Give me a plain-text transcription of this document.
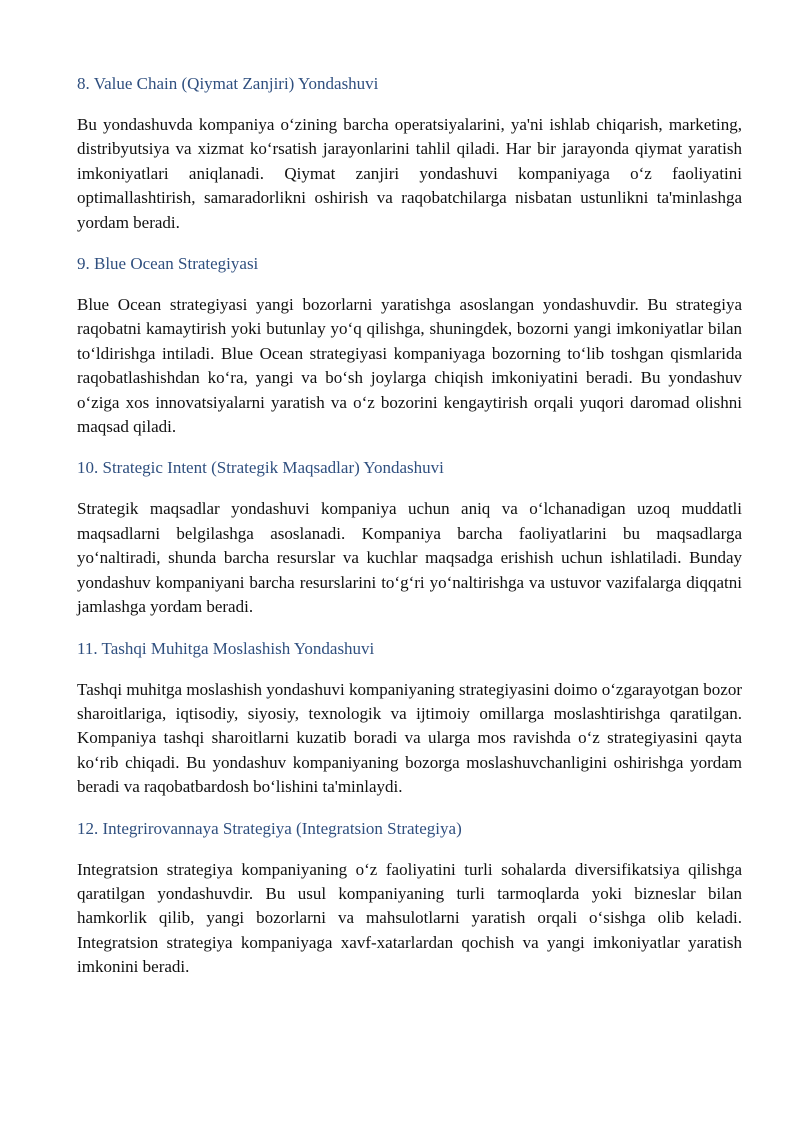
8. Value Chain (Qiymat Zanjiri) Yondashuvi

Bu yondashuvda kompaniya o‘zining barcha operatsiyalarini, ya'ni ishlab chiqarish, marketing, distribyutsiya va xizmat ko‘rsatish jarayonlarini tahlil qiladi. Har bir jarayonda qiymat yaratish imkoniyatlari aniqlanadi. Qiymat zanjiri yondashuvi kompaniyaga o‘z faoliyatini optimallashtirish, samaradorlikni oshirish va raqobatchilarga nisbatan ustunlikni ta'minlashga yordam beradi.

9. Blue Ocean Strategiyasi

Blue Ocean strategiyasi yangi bozorlarni yaratishga asoslangan yondashuvdir. Bu strategiya raqobatni kamaytirish yoki butunlay yo‘q qilishga, shuningdek, bozorni yangi imkoniyatlar bilan to‘ldirishga intiladi. Blue Ocean strategiyasi kompaniyaga bozorning to‘lib toshgan qismlarida raqobatlashishdan ko‘ra, yangi va bo‘sh joylarga chiqish imkoniyatini beradi. Bu yondashuv o‘ziga xos innovatsiyalarni yaratish va o‘z bozorini kengaytirish orqali yuqori daromad olishni maqsad qiladi.

10. Strategic Intent (Strategik Maqsadlar) Yondashuvi

Strategik maqsadlar yondashuvi kompaniya uchun aniq va o‘lchanadigan uzoq muddatli maqsadlarni belgilashga asoslanadi. Kompaniya barcha faoliyatlarini bu maqsadlarga yo‘naltiradi, shunda barcha resurslar va kuchlar maqsadga erishish uchun ishlatiladi. Bunday yondashuv kompaniyani barcha resurslarini to‘g‘ri yo‘naltirishga va ustuvor vazifalarga diqqatni jamlashga yordam beradi.

11. Tashqi Muhitga Moslashish Yondashuvi

Tashqi muhitga moslashish yondashuvi kompaniyaning strategiyasini doimo o‘zgarayotgan bozor sharoitlariga, iqtisodiy, siyosiy, texnologik va ijtimoiy omillarga moslashtirishga qaratilgan. Kompaniya tashqi sharoitlarni kuzatib boradi va ularga mos ravishda o‘z strategiyasini qayta ko‘rib chiqadi. Bu yondashuv kompaniyaning bozorga moslashuvchanligini oshirishga yordam beradi va raqobatbardosh bo‘lishini ta'minlaydi.

12. Integrirovannaya Strategiya (Integratsion Strategiya)

Integratsion strategiya kompaniyaning o‘z faoliyatini turli sohalarda diversifikatsiya qilishga qaratilgan yondashuvdir. Bu usul kompaniyaning turli tarmoqlarda yoki bizneslar bilan hamkorlik qilib, yangi bozorlarni va mahsulotlarni yaratish orqali o‘sishga olib keladi. Integratsion strategiya kompaniyaga xavf-xatarlardan qochish va yangi imkoniyatlar yaratish imkonini beradi.
